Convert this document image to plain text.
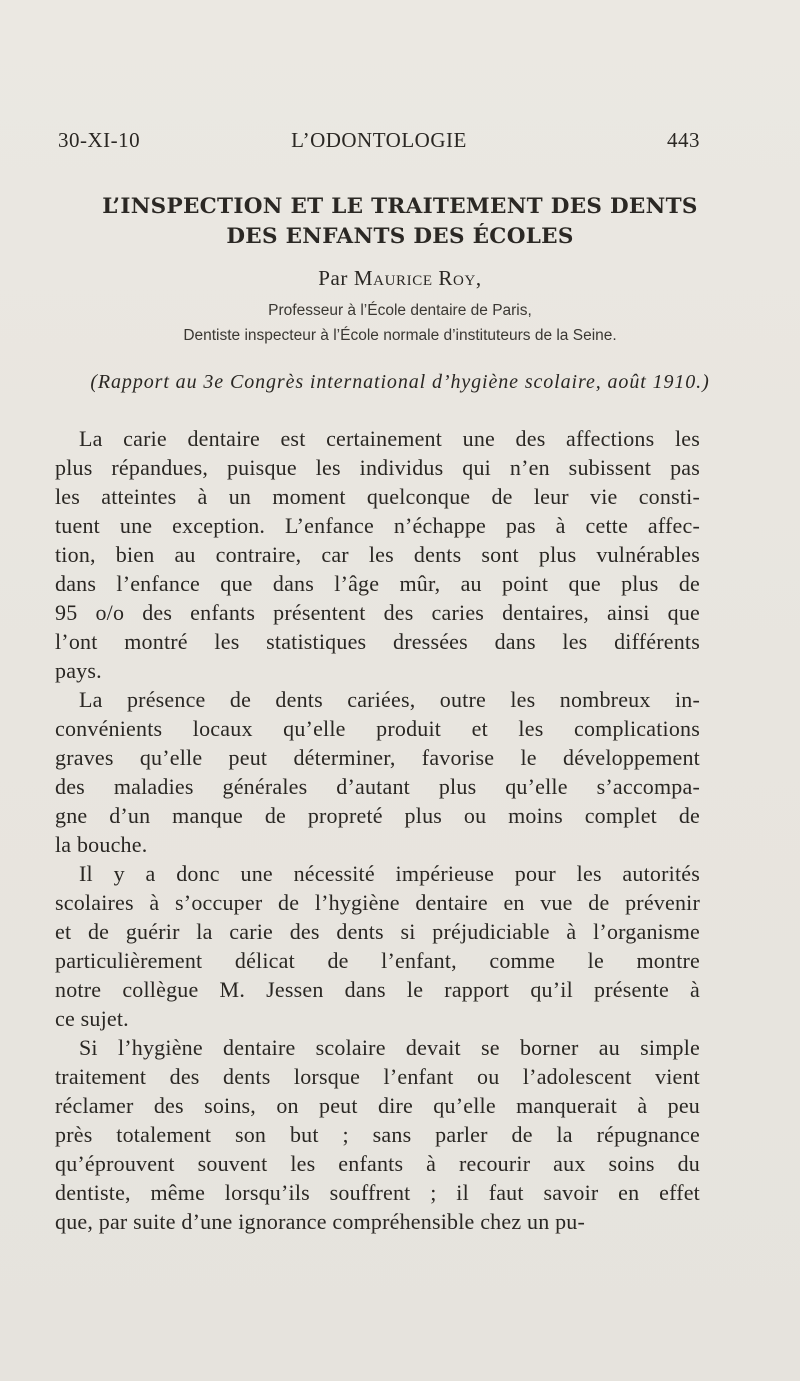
30-XI-10	L’ODONTOLOGIE	443
L’INSPECTION ET LE TRAITEMENT DES DENTS
DES ENFANTS DES ÉCOLES
Par Maurice Roy,
Professeur à l’École dentaire de Paris,
Dentiste inspecteur à l’École normale d’instituteurs de la Seine.
(Rapport au 3e Congrès international d’hygiène scolaire, août 1910.)
La carie dentaire est certainement une des affections les
plus répandues, puisque les individus qui n’en subissent pas
les atteintes à un moment quelconque de leur vie consti-
tuent une exception. L’enfance n’échappe pas à cette affec-
tion, bien au contraire, car les dents sont plus vulnérables
dans l’enfance que dans l’âge mûr, au point que plus de
95 o/o des enfants présentent des caries dentaires, ainsi que
l’ont montré les statistiques dressées dans les différents
pays.
La présence de dents cariées, outre les nombreux in-
convénients locaux qu’elle produit et les complications
graves qu’elle peut déterminer, favorise le développement
des maladies générales d’autant plus qu’elle s’accompa-
gne d’un manque de propreté plus ou moins complet de
la bouche.
Il y a donc une nécessité impérieuse pour les autorités
scolaires à s’occuper de l’hygiène dentaire en vue de prévenir
et de guérir la carie des dents si préjudiciable à l’organisme
particulièrement délicat de l’enfant, comme le montre
notre collègue M. Jessen dans le rapport qu’il présente à
ce sujet.
Si l’hygiène dentaire scolaire devait se borner au simple
traitement des dents lorsque l’enfant ou l’adolescent vient
réclamer des soins, on peut dire qu’elle manquerait à peu
près totalement son but ; sans parler de la répugnance
qu’éprouvent souvent les enfants à recourir aux soins du
dentiste, même lorsqu’ils souffrent ; il faut savoir en effet
que, par suite d’une ignorance compréhensible chez un pu-
